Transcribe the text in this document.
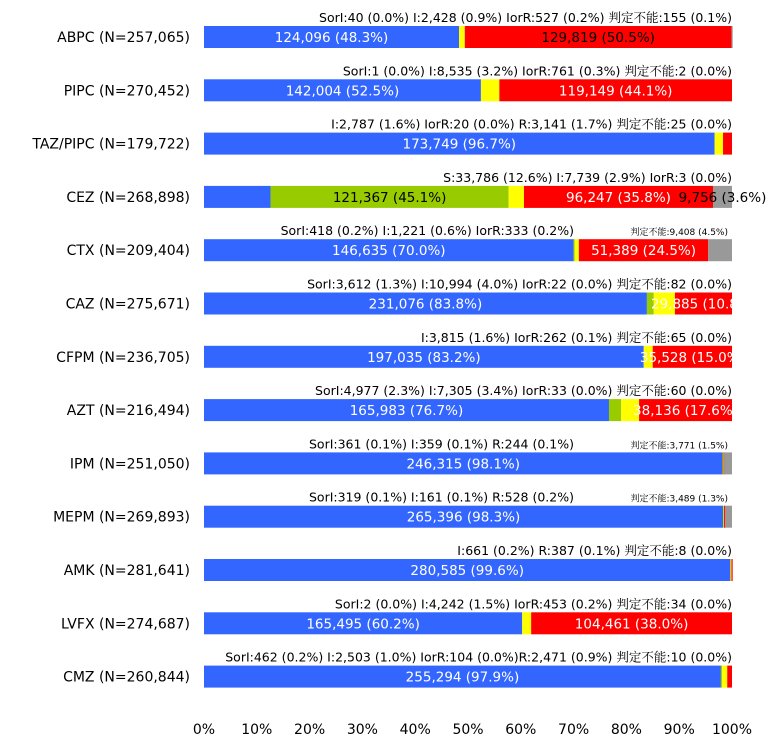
ABPC (N=257,065)	124,096 (48.3%)	129,819 (50.5%)
SorI:40 (0.0%) I:2,428 (0.9%) IorR:527 (0.2%) 判定不能:155 (0.1%)
PIPC (N=270,452)	142,004 (52.5%)	119,149 (44.1%)
SorI:1 (0.0%) I:8,535 (3.2%) IorR:761 (0.3%) 判定不能:2 (0.0%)
TAZ/PIPC (N=179,722)	173,749 (96.7%)
I:2,787 (1.6%) IorR:20 (0.0%) R:3,141 (1.7%) 判定不能:25 (0.0%)
CEZ (N=268,898)	121,367 (45.1%)	96,247 (35.8%) 9,756 (3.6%)
S:33,786 (12.6%) I:7,739 (2.9%) IorR:3 (0.0%)
CTX (N=209,404)	146,635 (70.0%)	51,389 (24.5%)
判定不能:9,408 (4.5%)
SorI:418 (0.2%) I:1,221 (0.6%) IorR:333 (0.2%)
CAZ (N=275,671)	231,076 (83.8%)	29,885 (10.8%)
SorI:3,612 (1.3%) I:10,994 (4.0%) IorR:22 (0.0%) 判定不能:82 (0.0%)
CFPM (N=236,705)	197,035 (83.2%)	35,528 (15.0%)
I:3,815 (1.6%) IorR:262 (0.1%) 判定不能:65 (0.0%)
AZT (N=216,494)	165,983 (76.7%)	38,136 (17.6%)
SorI:4,977 (2.3%) I:7,305 (3.4%) IorR:33 (0.0%) 判定不能:60 (0.0%)
IPM (N=251,050)	246,315 (98.1%)
判定不能:3,771 (1.5%)
SorI:361 (0.1%) I:359 (0.1%) R:244 (0.1%)
MEPM (N=269,893)	265,396 (98.3%)
判定不能:3,489 (1.3%)
SorI:319 (0.1%) I:161 (0.1%) R:528 (0.2%)
AMK (N=281,641)	280,585 (99.6%)
I:661 (0.2%) R:387 (0.1%) 判定不能:8 (0.0%)
LVFX (N=274,687)	165,495 (60.2%)	104,461 (38.0%)
SorI:2 (0.0%) I:4,242 (1.5%) IorR:453 (0.2%) 判定不能:34 (0.0%)
CMZ (N=260,844)	255,294 (97.9%)
SorI:462 (0.2%) I:2,503 (1.0%) IorR:104 (0.0%)R:2,471 (0.9%) 判定不能:10 (0.0%)
0% 10% 20% 30% 40% 50% 60% 70% 80% 90% 100%
